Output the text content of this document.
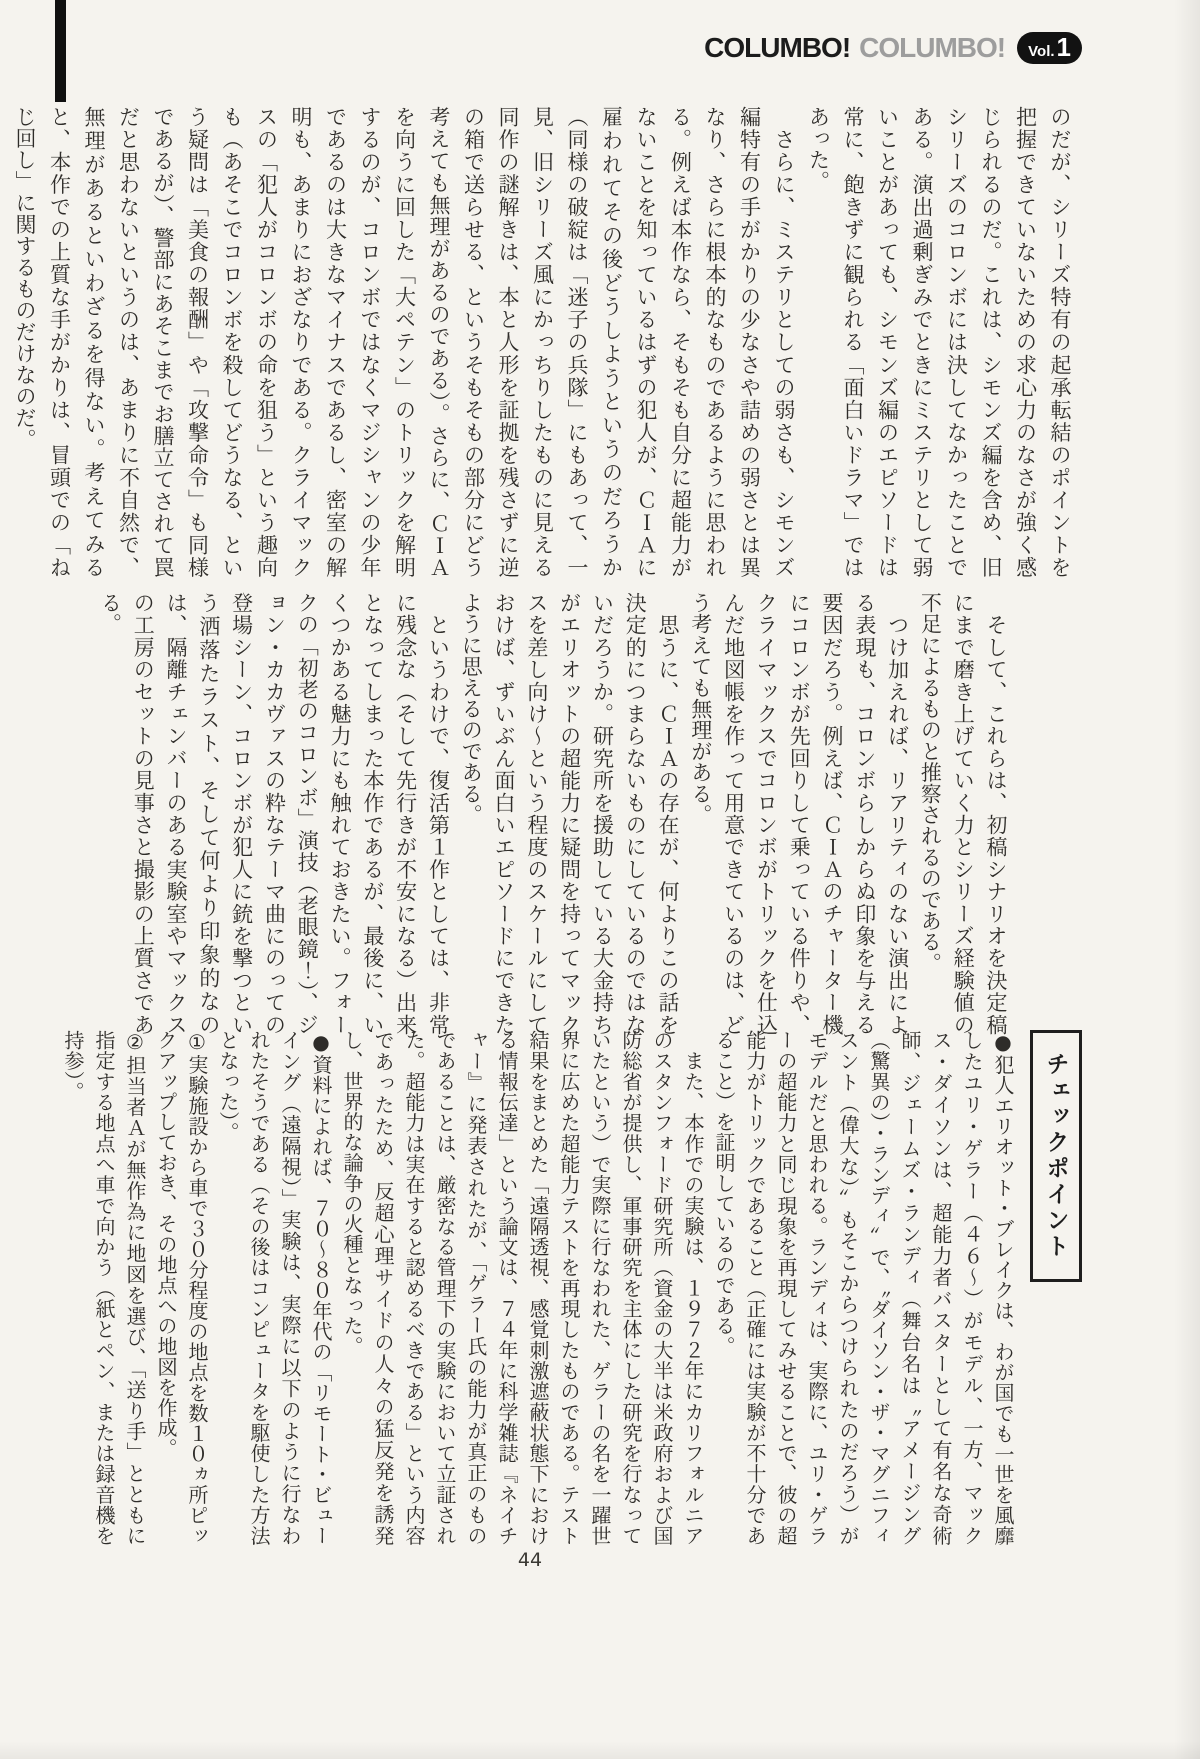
COLUMBO! COLUMBO! Vol. 1

のだが、シリーズ特有の起承転結のポイントを把握できていないための求心力のなさが強く感じられるのだ。これは、シモンズ編を含め、旧シリーズのコロンボには決してなかったことである。演出過剰ぎみでときにミステリとして弱いことがあっても、シモンズ編のエピソードは常に、飽きずに観られる「面白いドラマ」ではあった。

　さらに、ミステリとしての弱さも、シモンズ編特有の手がかりの少なさや詰めの弱さとは異なり、さらに根本的なものであるように思われる。例えば本作なら、そもそも自分に超能力がないことを知っているはずの犯人が、ＣＩＡに雇われてその後どうしようというのだろうか（同様の破綻は「迷子の兵隊」にもあって、一見、旧シリーズ風にかっちりしたものに見える同作の謎解きは、本と人形を証拠を残さずに逆の箱で送らせる、というそもそもの部分にどう考えても無理があるのである）。さらに、ＣＩＡを向うに回した「大ペテン」のトリックを解明するのが、コロンボではなくマジシャンの少年であるのは大きなマイナスであるし、密室の解明も、あまりにおざなりである。クライマックスの「犯人がコロンボの命を狙う」という趣向も（あそこでコロンボを殺してどうなる、という疑問は「美食の報酬」や「攻撃命令」も同様であるが）、警部にあそこまでお膳立てされて罠だと思わないというのは、あまりに不自然で、無理があるといわざるを得ない。考えてみると、本作での上質な手がかりは、冒頭での「ねじ回し」に関するものだけなのだ。

　そして、これらは、初稿シナリオを決定稿にまで磨き上げていく力とシリーズ経験値の不足によるものと推察されるのである。

　つけ加えれば、リアリティのない演出による表現も、コロンボらしからぬ印象を与える要因だろう。例えば、ＣＩＡのチャーター機にコロンボが先回りして乗っている件りや、クライマックスでコロンボがトリックを仕込んだ地図帳を作って用意できているのは、どう考えても無理がある。

　思うに、ＣＩＡの存在が、何よりこの話を決定的につまらないものにしているのではないだろうか。研究所を援助している大金持ちがエリオットの超能力に疑問を持ってマックスを差し向け〜という程度のスケールにしておけば、ずいぶん面白いエピソードにできたように思えるのである。

　というわけで、復活第１作としては、非常に残念な（そして先行きが不安になる）出来となってしまった本作であるが、最後に、いくつかある魅力にも触れておきたい。フォークの「初老のコロンボ」演技（老眼鏡！）、ジョン・カカヴァスの粋なテーマ曲にのっての登場シーン、コロンボが犯人に銃を撃つという洒落たラスト、そして何より印象的なのは、隔離チェンバーのある実験室やマックスの工房のセットの見事さと撮影の上質さである。

チェックポイント

●犯人エリオット・ブレイクは、わが国でも一世を風靡したユリ・ゲラー（４６〜）がモデル、一方、マックス・ダイソンは、超能力者バスターとして有名な奇術師、ジェームズ・ランディ（舞台名は〝アメージング（驚異の）・ランディ〟で、〝ダイソン・ザ・マグニフィスント（偉大な）〟もそこからつけられたのだろう）がモデルだと思われる。ランディは、実際に、ユリ・ゲラーの超能力と同じ現象を再現してみせることで、彼の超能力がトリックであること（正確には実験が不十分であること）を証明しているのである。

　また、本作での実験は、１９７２年にカリフォルニアのスタンフォード研究所（資金の大半は米政府および国防総省が提供し、軍事研究を主体にした研究を行なっていたという）で実際に行なわれた、ゲラーの名を一躍世界に広めた超能力テストを再現したものである。テスト結果をまとめた「遠隔透視、感覚刺激遮蔽状態下における情報伝達」という論文は、７４年に科学雑誌『ネイチャー』に発表されたが、「ゲラー氏の能力が真正のものであることは、厳密なる管理下の実験において立証された。超能力は実在すると認めるべきである」という内容であったため、反超心理サイドの人々の猛反発を誘発し、世界的な論争の火種となった。

●資料によれば、７０〜８０年代の「リモート・ビューイング（遠隔視）」実験は、実際に以下のように行なわれたそうである（その後はコンピュータを駆使した方法となった）。

①実験施設から車で３０分程度の地点を数１０ヵ所ピックアップしておき、その地点への地図を作成。

②担当者Ａが無作為に地図を選び、「送り手」とともに指定する地点へ車で向かう（紙とペン、または録音機を持参）。

44
